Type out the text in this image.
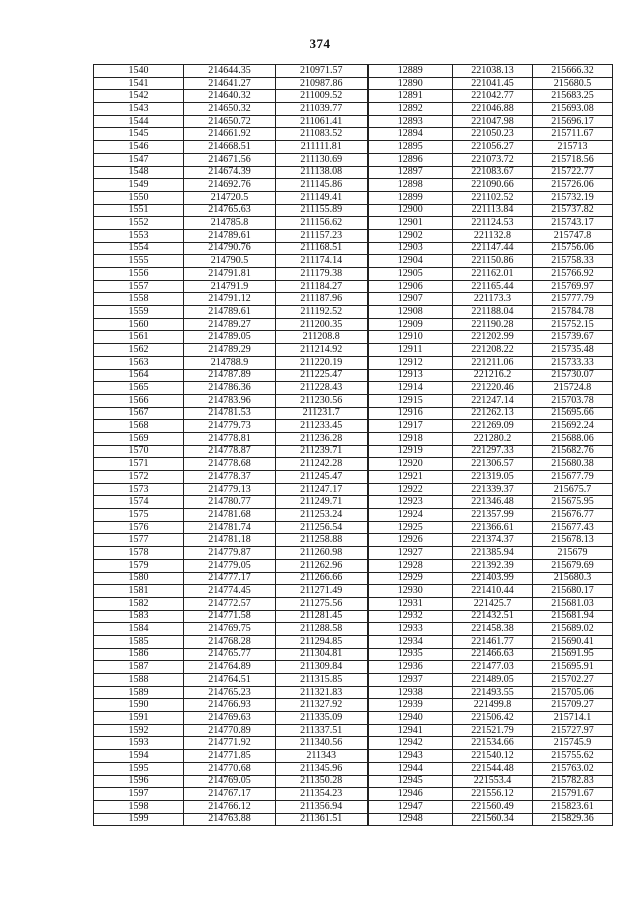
374
1540	214644.35	210971.57	12889	221038.13	215666.32
1541	214641.27	210987.86	12890	221041.45	215680.5
1542	214640.32	211009.52	12891	221042.77	215683.25
1543	214650.32	211039.77	12892	221046.88	215693.08
1544	214650.72	211061.41	12893	221047.98	215696.17
1545	214661.92	211083.52	12894	221050.23	215711.67
1546	214668.51	211111.81	12895	221056.27	215713
1547	214671.56	211130.69	12896	221073.72	215718.56
1548	214674.39	211138.08	12897	221083.67	215722.77
1549	214692.76	211145.86	12898	221090.66	215726.06
1550	214720.5	211149.41	12899	221102.52	215732.19
1551	214765.63	211155.89	12900	221113.84	215737.82
1552	214785.8	211156.62	12901	221124.53	215743.17
1553	214789.61	211157.23	12902	221132.8	215747.8
1554	214790.76	211168.51	12903	221147.44	215756.06
1555	214790.5	211174.14	12904	221150.86	215758.33
1556	214791.81	211179.38	12905	221162.01	215766.92
1557	214791.9	211184.27	12906	221165.44	215769.97
1558	214791.12	211187.96	12907	221173.3	215777.79
1559	214789.61	211192.52	12908	221188.04	215784.78
1560	214789.27	211200.35	12909	221190.28	215752.15
1561	214789.05	211208.8	12910	221202.99	215739.67
1562	214789.29	211214.92	12911	221208.22	215735.48
1563	214788.9	211220.19	12912	221211.06	215733.33
1564	214787.89	211225.47	12913	221216.2	215730.07
1565	214786.36	211228.43	12914	221220.46	215724.8
1566	214783.96	211230.56	12915	221247.14	215703.78
1567	214781.53	211231.7	12916	221262.13	215695.66
1568	214779.73	211233.45	12917	221269.09	215692.24
1569	214778.81	211236.28	12918	221280.2	215688.06
1570	214778.87	211239.71	12919	221297.33	215682.76
1571	214778.68	211242.28	12920	221306.57	215680.38
1572	214778.37	211245.47	12921	221319.05	215677.79
1573	214779.13	211247.17	12922	221339.37	215675.7
1574	214780.77	211249.71	12923	221346.48	215675.95
1575	214781.68	211253.24	12924	221357.99	215676.77
1576	214781.74	211256.54	12925	221366.61	215677.43
1577	214781.18	211258.88	12926	221374.37	215678.13
1578	214779.87	211260.98	12927	221385.94	215679
1579	214779.05	211262.96	12928	221392.39	215679.69
1580	214777.17	211266.66	12929	221403.99	215680.3
1581	214774.45	211271.49	12930	221410.44	215680.17
1582	214772.57	211275.56	12931	221425.7	215681.03
1583	214771.58	211281.45	12932	221432.51	215681.94
1584	214769.75	211288.58	12933	221458.38	215689.02
1585	214768.28	211294.85	12934	221461.77	215690.41
1586	214765.77	211304.81	12935	221466.63	215691.95
1587	214764.89	211309.84	12936	221477.03	215695.91
1588	214764.51	211315.85	12937	221489.05	215702.27
1589	214765.23	211321.83	12938	221493.55	215705.06
1590	214766.93	211327.92	12939	221499.8	215709.27
1591	214769.63	211335.09	12940	221506.42	215714.1
1592	214770.89	211337.51	12941	221521.79	215727.97
1593	214771.92	211340.56	12942	221534.66	215745.9
1594	214771.85	211343	12943	221540.12	215755.62
1595	214770.68	211345.96	12944	221544.48	215763.02
1596	214769.05	211350.28	12945	221553.4	215782.83
1597	214767.17	211354.23	12946	221556.12	215791.67
1598	214766.12	211356.94	12947	221560.49	215823.61
1599	214763.88	211361.51	12948	221560.34	215829.36
